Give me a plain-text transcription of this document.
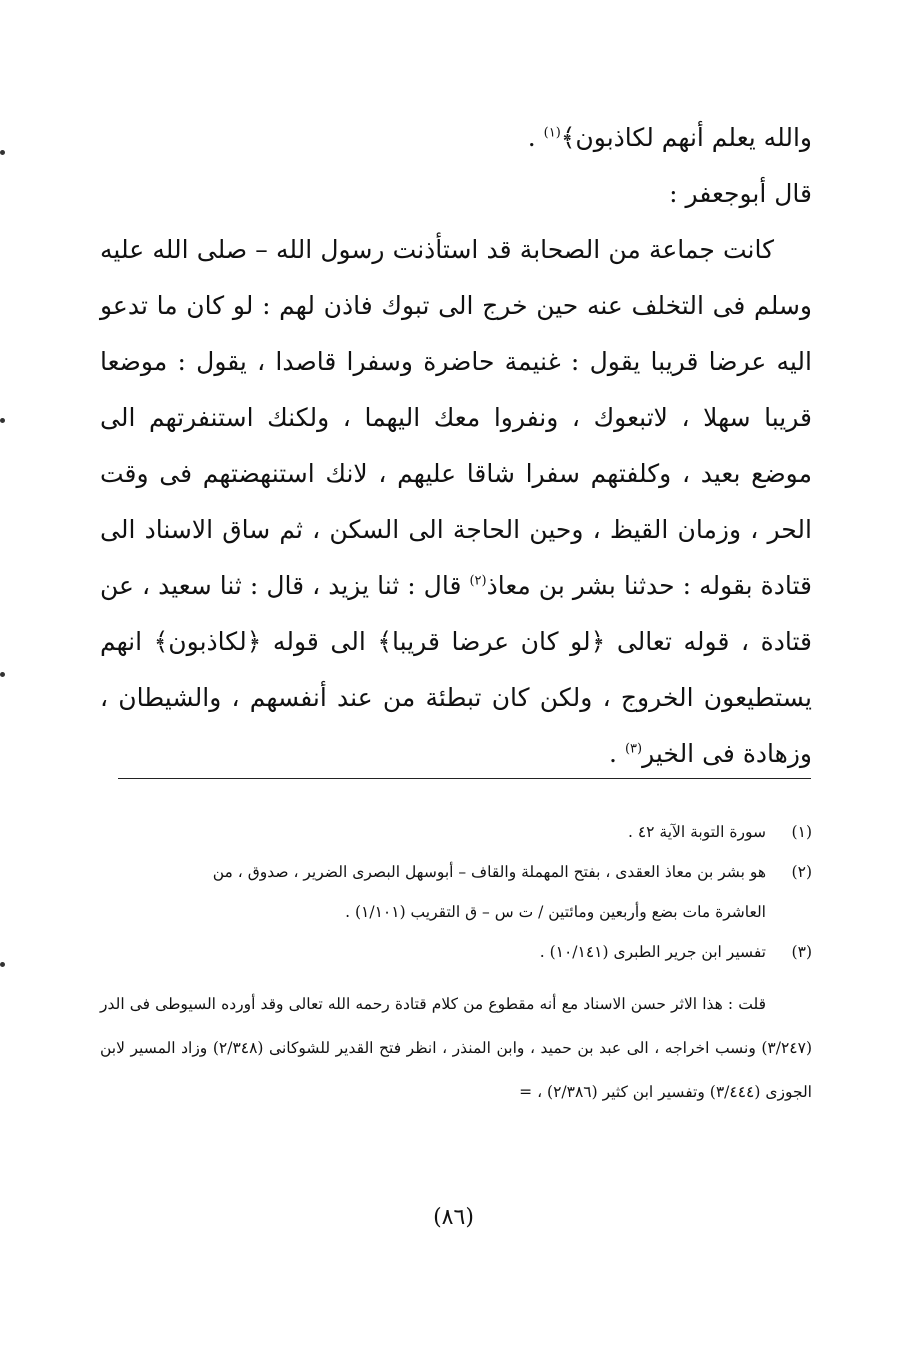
والله يعلم أنهم لكاذبون﴾$^{(١)}$ .

قال أبوجعفر :

كانت جماعة من الصحابة قد استأذنت رسول الله – صلى الله عليه وسلم فى التخلف عنه حين خرج الى تبوك فاذن لهم : لو كان ما تدعو اليه عرضا قريبا يقول : غنيمة حاضرة وسفرا قاصدا ، يقول : موضعا قريبا سهلا ، لاتبعوك ، ونفروا معك اليهما ، ولكنك استنفرتهم الى موضع بعيد ، وكلفتهم سفرا شاقا عليهم ، لانك استنهضتهم فى وقت الحر ، وزمان القيظ ، وحين الحاجة الى السكن ، ثم ساق الاسناد الى قتادة بقوله : حدثنا بشر بن معاذ$^{(٢)}$ قال : ثنا يزيد ، قال : ثنا سعيد ، عن قتادة ، قوله تعالى ﴿لو كان عرضا قريبا﴾ الى قوله ﴿لكاذبون﴾ انهم يستطيعون الخروج ، ولكن كان تبطئة من عند أنفسهم ، والشيطان ، وزهادة فى الخير$^{(٣)}$ .

(١)
سورة التوبة الآية ٤٢ .
(٢)
هو بشر بن معاذ العقدى ، بفتح المهملة والقاف – أبوسهل البصرى الضرير ، صدوق ، من
العاشرة مات بضع وأربعين ومائتين / ت س – ق التقريب (١/١٠١) .
(٣)
تفسير ابن جرير الطبرى (١٠/١٤١) .

قلت : هذا الاثر حسن الاسناد مع أنه مقطوع من كلام قتادة رحمه الله تعالى وقد أورده السيوطى فى الدر (٣/٢٤٧) ونسب اخراجه ، الى عبد بن حميد ، وابن المنذر ، انظر فتح القدير للشوكانى (٢/٣٤٨) وزاد المسير لابن الجوزى (٣/٤٤٤) وتفسير ابن كثير (٢/٣٨٦) ، =

(٨٦)
